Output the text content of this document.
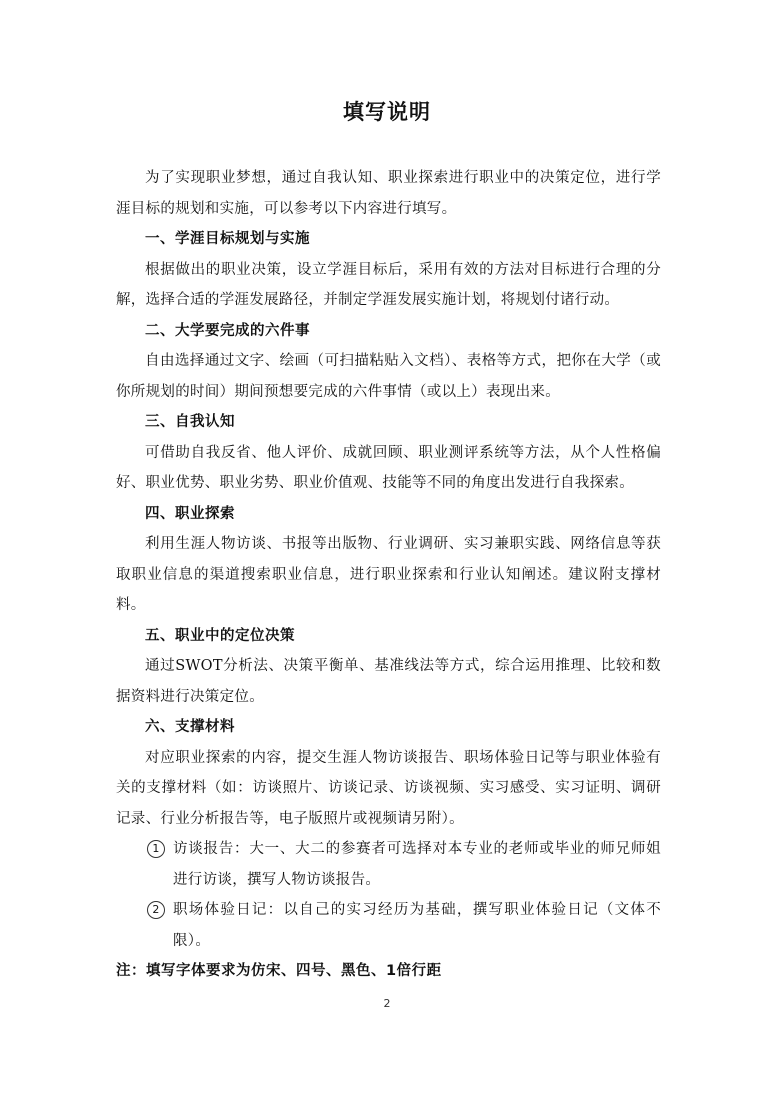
填写说明

为了实现职业梦想，通过自我认知、职业探索进行职业中的决策定位，进行学涯目标的规划和实施，可以参考以下内容进行填写。

一、学涯目标规划与实施

根据做出的职业决策，设立学涯目标后，采用有效的方法对目标进行合理的分解，选择合适的学涯发展路径，并制定学涯发展实施计划，将规划付诸行动。

二、大学要完成的六件事

自由选择通过文字、绘画（可扫描粘贴入文档）、表格等方式，把你在大学（或你所规划的时间）期间预想要完成的六件事情（或以上）表现出来。

三、自我认知

可借助自我反省、他人评价、成就回顾、职业测评系统等方法，从个人性格偏好、职业优势、职业劣势、职业价值观、技能等不同的角度出发进行自我探索。

四、职业探索

利用生涯人物访谈、书报等出版物、行业调研、实习兼职实践、网络信息等获取职业信息的渠道搜索职业信息，进行职业探索和行业认知阐述。建议附支撑材料。

五、职业中的定位决策

通过SWOT分析法、决策平衡单、基准线法等方式，综合运用推理、比较和数据资料进行决策定位。

六、支撑材料

对应职业探索的内容，提交生涯人物访谈报告、职场体验日记等与职业体验有关的支撑材料（如：访谈照片、访谈记录、访谈视频、实习感受、实习证明、调研记录、行业分析报告等，电子版照片或视频请另附）。

1 访谈报告：大一、大二的参赛者可选择对本专业的老师或毕业的师兄师姐进行访谈，撰写人物访谈报告。
2 职场体验日记：以自己的实习经历为基础，撰写职业体验日记（文体不限）。

注：填写字体要求为仿宋、四号、黑色、1倍行距

2
